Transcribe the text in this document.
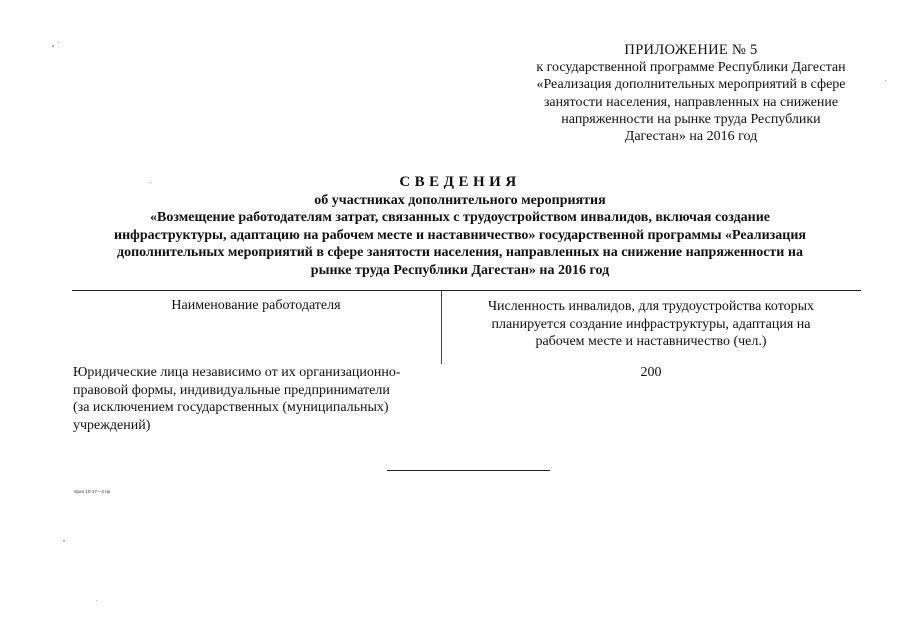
ПРИЛОЖЕНИЕ № 5
к государственной программе Республики Дагестан
«Реализация дополнительных мероприятий в сфере
занятости населения, направленных на снижение
напряженности на рынке труда Республики
Дагестан» на 2016 год
СВЕДЕНИЯ
об участниках дополнительного мероприятия
«Возмещение работодателям затрат, связанных с трудоустройством инвалидов, включая создание
инфраструктуры, адаптацию на рабочем месте и наставничество» государственной программы «Реализация
дополнительных мероприятий в сфере занятости населения, направленных на снижение напряженности на
рынке труда Республики Дагестан» на 2016 год
Наименование работодателя	Численность инвалидов, для трудоустройства которых
планируется создание инфраструктуры, адаптация на
рабочем месте и наставничество (чел.)
Юридические лица независимо от их организационно-
правовой формы, индивидуальные предприниматели
(за исключением государственных (муниципальных)
учреждений)
200
прил 10-17—4 пр
